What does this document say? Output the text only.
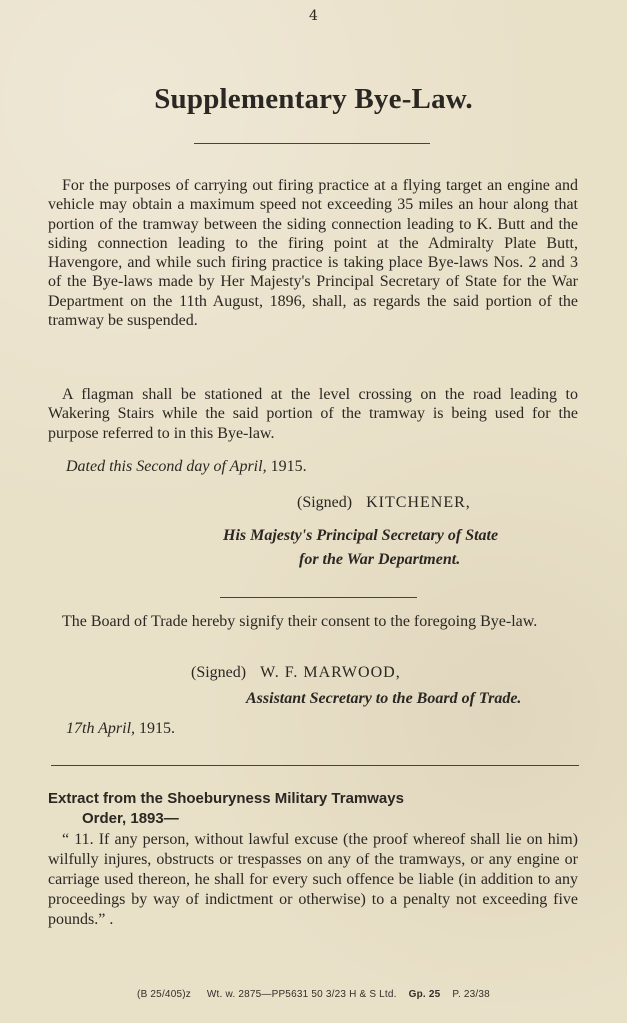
4
Supplementary Bye-Law.
For the purposes of carrying out firing practice at a flying target an engine and vehicle may obtain a maximum speed not exceeding 35 miles an hour along that portion of the tramway between the siding connection leading to K. Butt and the siding connection leading to the firing point at the Admiralty Plate Butt, Havengore, and while such firing practice is taking place Bye-laws Nos. 2 and 3 of the Bye-laws made by Her Majesty's Principal Secretary of State for the War Department on the 11th August, 1896, shall, as regards the said portion of the tramway be suspended.
A flagman shall be stationed at the level crossing on the road leading to Wakering Stairs while the said portion of the tramway is being used for the purpose referred to in this Bye-law.
Dated this Second day of April, 1915.
(Signed) KITCHENER,
His Majesty's Principal Secretary of State
for the War Department.
The Board of Trade hereby signify their consent to the foregoing Bye-law.
(Signed) W. F. MARWOOD,
Assistant Secretary to the Board of Trade.
17th April, 1915.
Extract from the Shoeburyness Military Tramways
Order, 1893—
“ 11. If any person, without lawful excuse (the proof whereof shall lie on him) wilfully injures, obstructs or trespasses on any of the tramways, or any engine or carriage used thereon, he shall for every such offence be liable (in addition to any proceedings by way of indictment or otherwise) to a penalty not exceeding five pounds.” .
(B 25/405)z Wt. w. 2875—PP5631 50 3/23 H & S Ltd. Gp. 25 P. 23/38
